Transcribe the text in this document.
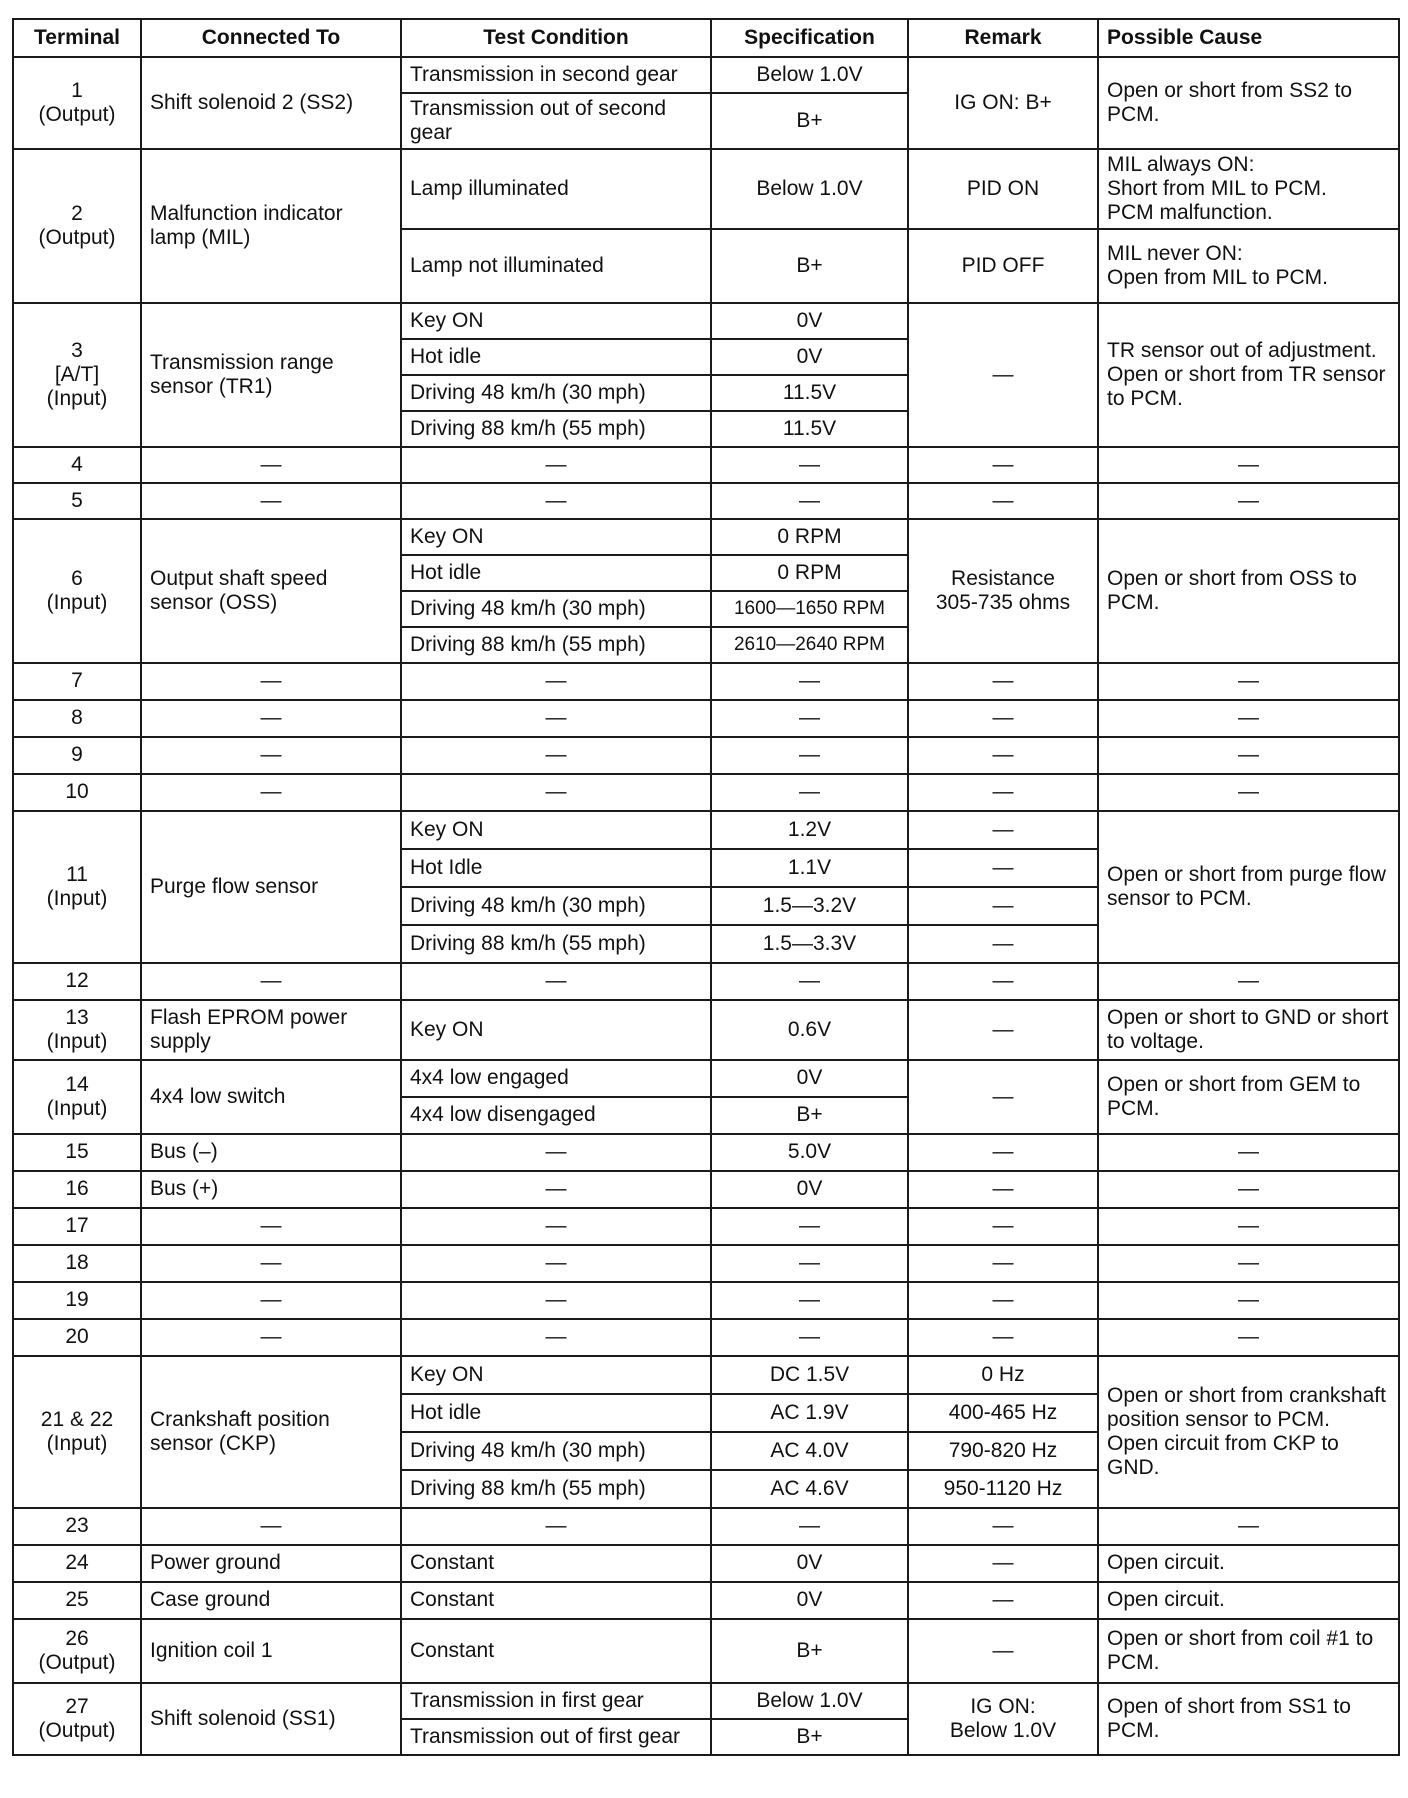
Terminal	Connected To	Test Condition	Specification	Remark	Possible Cause
1
(Output)	Shift solenoid 2 (SS2)	Transmission in second gear	Below 1.0V	IG ON: B+	Open or short from SS2 to PCM.
		Transmission out of second gear	B+		
2
(Output)	Malfunction indicator lamp (MIL)	Lamp illuminated	Below 1.0V	PID ON	MIL always ON:
Short from MIL to PCM.
PCM malfunction.
		Lamp not illuminated	B+	PID OFF	MIL never ON:
Open from MIL to PCM.
3
[A/T]
(Input)	Transmission range sensor (TR1)	Key ON	0V	—	TR sensor out of adjustment.
Open or short from TR sensor to PCM.
		Hot idle	0V		
		Driving 48 km/h (30 mph)	11.5V		
		Driving 88 km/h (55 mph)	11.5V		
4	—	—	—	—	—
5	—	—	—	—	—
6
(Input)	Output shaft speed sensor (OSS)	Key ON	0 RPM	Resistance
305-735 ohms	Open or short from OSS to PCM.
		Hot idle	0 RPM		
		Driving 48 km/h (30 mph)	1600—1650 RPM		
		Driving 88 km/h (55 mph)	2610—2640 RPM		
7	—	—	—	—	—
8	—	—	—	—	—
9	—	—	—	—	—
10	—	—	—	—	—
11
(Input)	Purge flow sensor	Key ON	1.2V	—	Open or short from purge flow sensor to PCM.
		Hot Idle	1.1V	—	
		Driving 48 km/h (30 mph)	1.5—3.2V	—	
		Driving 88 km/h (55 mph)	1.5—3.3V	—	
12	—	—	—	—	—
13
(Input)	Flash EPROM power supply	Key ON	0.6V	—	Open or short to GND or short to voltage.
14
(Input)	4x4 low switch	4x4 low engaged	0V	—	Open or short from GEM to PCM.
		4x4 low disengaged	B+		
15	Bus (–)	—	5.0V	—	—
16	Bus (+)	—	0V	—	—
17	—	—	—	—	—
18	—	—	—	—	—
19	—	—	—	—	—
20	—	—	—	—	—
21 & 22
(Input)	Crankshaft position sensor (CKP)	Key ON	DC 1.5V	0 Hz	Open or short from crankshaft position sensor to PCM.
Open circuit from CKP to GND.
		Hot idle	AC 1.9V	400-465 Hz	
		Driving 48 km/h (30 mph)	AC 4.0V	790-820 Hz	
		Driving 88 km/h (55 mph)	AC 4.6V	950-1120 Hz	
23	—	—	—	—	—
24	Power ground	Constant	0V	—	Open circuit.
25	Case ground	Constant	0V	—	Open circuit.
26
(Output)	Ignition coil 1	Constant	B+	—	Open or short from coil #1 to PCM.
27
(Output)	Shift solenoid (SS1)	Transmission in first gear	Below 1.0V	IG ON:
Below 1.0V	Open of short from SS1 to PCM.
		Transmission out of first gear	B+		
